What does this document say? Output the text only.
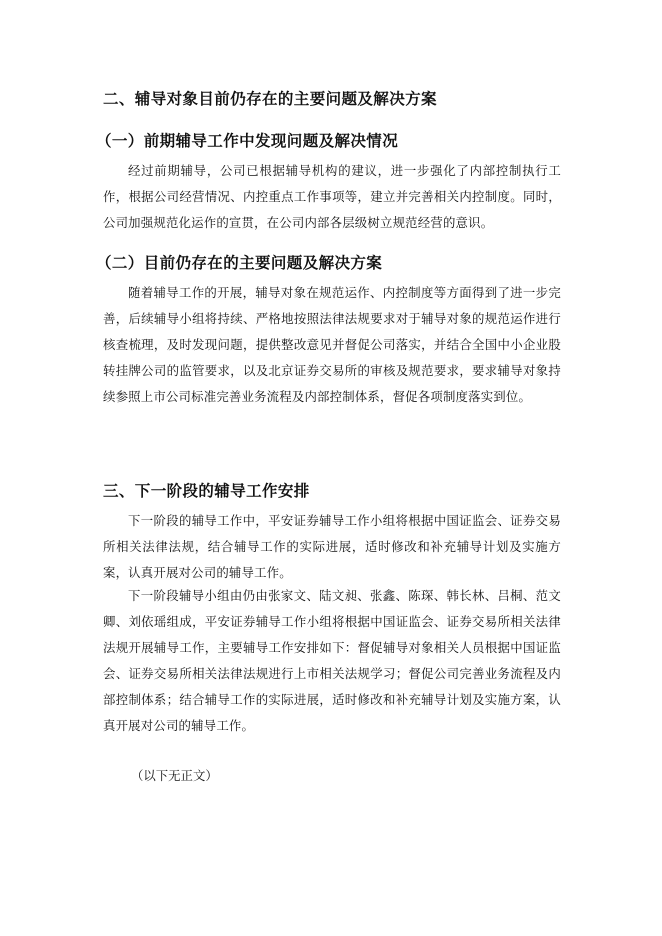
二、辅导对象目前仍存在的主要问题及解决方案
（一）前期辅导工作中发现问题及解决情况
经过前期辅导，公司已根据辅导机构的建议，进一步强化了内部控制执行工作，根据公司经营情况、内控重点工作事项等，建立并完善相关内控制度。同时，公司加强规范化运作的宣贯，在公司内部各层级树立规范经营的意识。
（二）目前仍存在的主要问题及解决方案
随着辅导工作的开展，辅导对象在规范运作、内控制度等方面得到了进一步完善，后续辅导小组将持续、严格地按照法律法规要求对于辅导对象的规范运作进行核查梳理，及时发现问题，提供整改意见并督促公司落实，并结合全国中小企业股转挂牌公司的监管要求，以及北京证券交易所的审核及规范要求，要求辅导对象持续参照上市公司标准完善业务流程及内部控制体系，督促各项制度落实到位。
三、下一阶段的辅导工作安排
下一阶段的辅导工作中，平安证券辅导工作小组将根据中国证监会、证券交易所相关法律法规，结合辅导工作的实际进展，适时修改和补充辅导计划及实施方案，认真开展对公司的辅导工作。
下一阶段辅导小组由仍由张家文、陆文昶、张鑫、陈琛、韩长林、吕桐、范文卿、刘依瑶组成，平安证券辅导工作小组将根据中国证监会、证券交易所相关法律法规开展辅导工作，主要辅导工作安排如下：督促辅导对象相关人员根据中国证监会、证券交易所相关法律法规进行上市相关法规学习；督促公司完善业务流程及内部控制体系；结合辅导工作的实际进展，适时修改和补充辅导计划及实施方案，认真开展对公司的辅导工作。
（以下无正文）
